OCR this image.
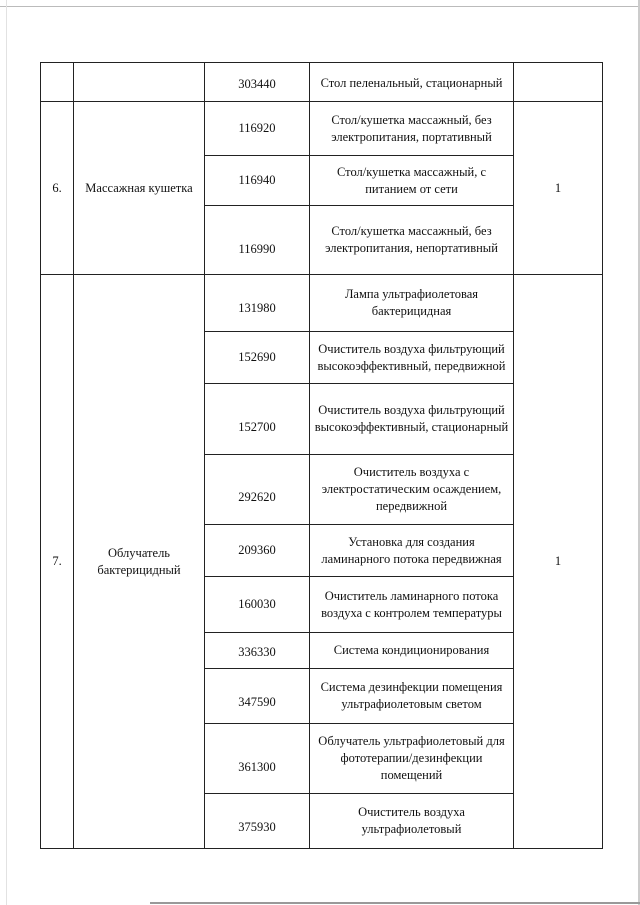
		303440	Стол пеленальный, стационарный	
6.	Массажная кушетка	116920	Стол/кушетка массажный, без электропитания, портативный	1
		116940	Стол/кушетка массажный, с питанием от сети	
		116990	Стол/кушетка массажный, без электропитания, непортативный	
7.	Облучатель бактерицидный	131980	Лампа ультрафиолетовая бактерицидная	1
		152690	Очиститель воздуха фильтрующий высокоэффективный, передвижной	
		152700	Очиститель воздуха фильтрующий высокоэффективный, стационарный	
		292620	Очиститель воздуха с электростатическим осаждением, передвижной	
		209360	Установка для создания ламинарного потока передвижная	
		160030	Очиститель ламинарного потока воздуха с контролем температуры	
		336330	Система кондиционирования	
		347590	Система дезинфекции помещения ультрафиолетовым светом	
		361300	Облучатель ультрафиолетовый для фототерапии/дезинфекции помещений	
		375930	Очиститель воздуха ультрафиолетовый	
